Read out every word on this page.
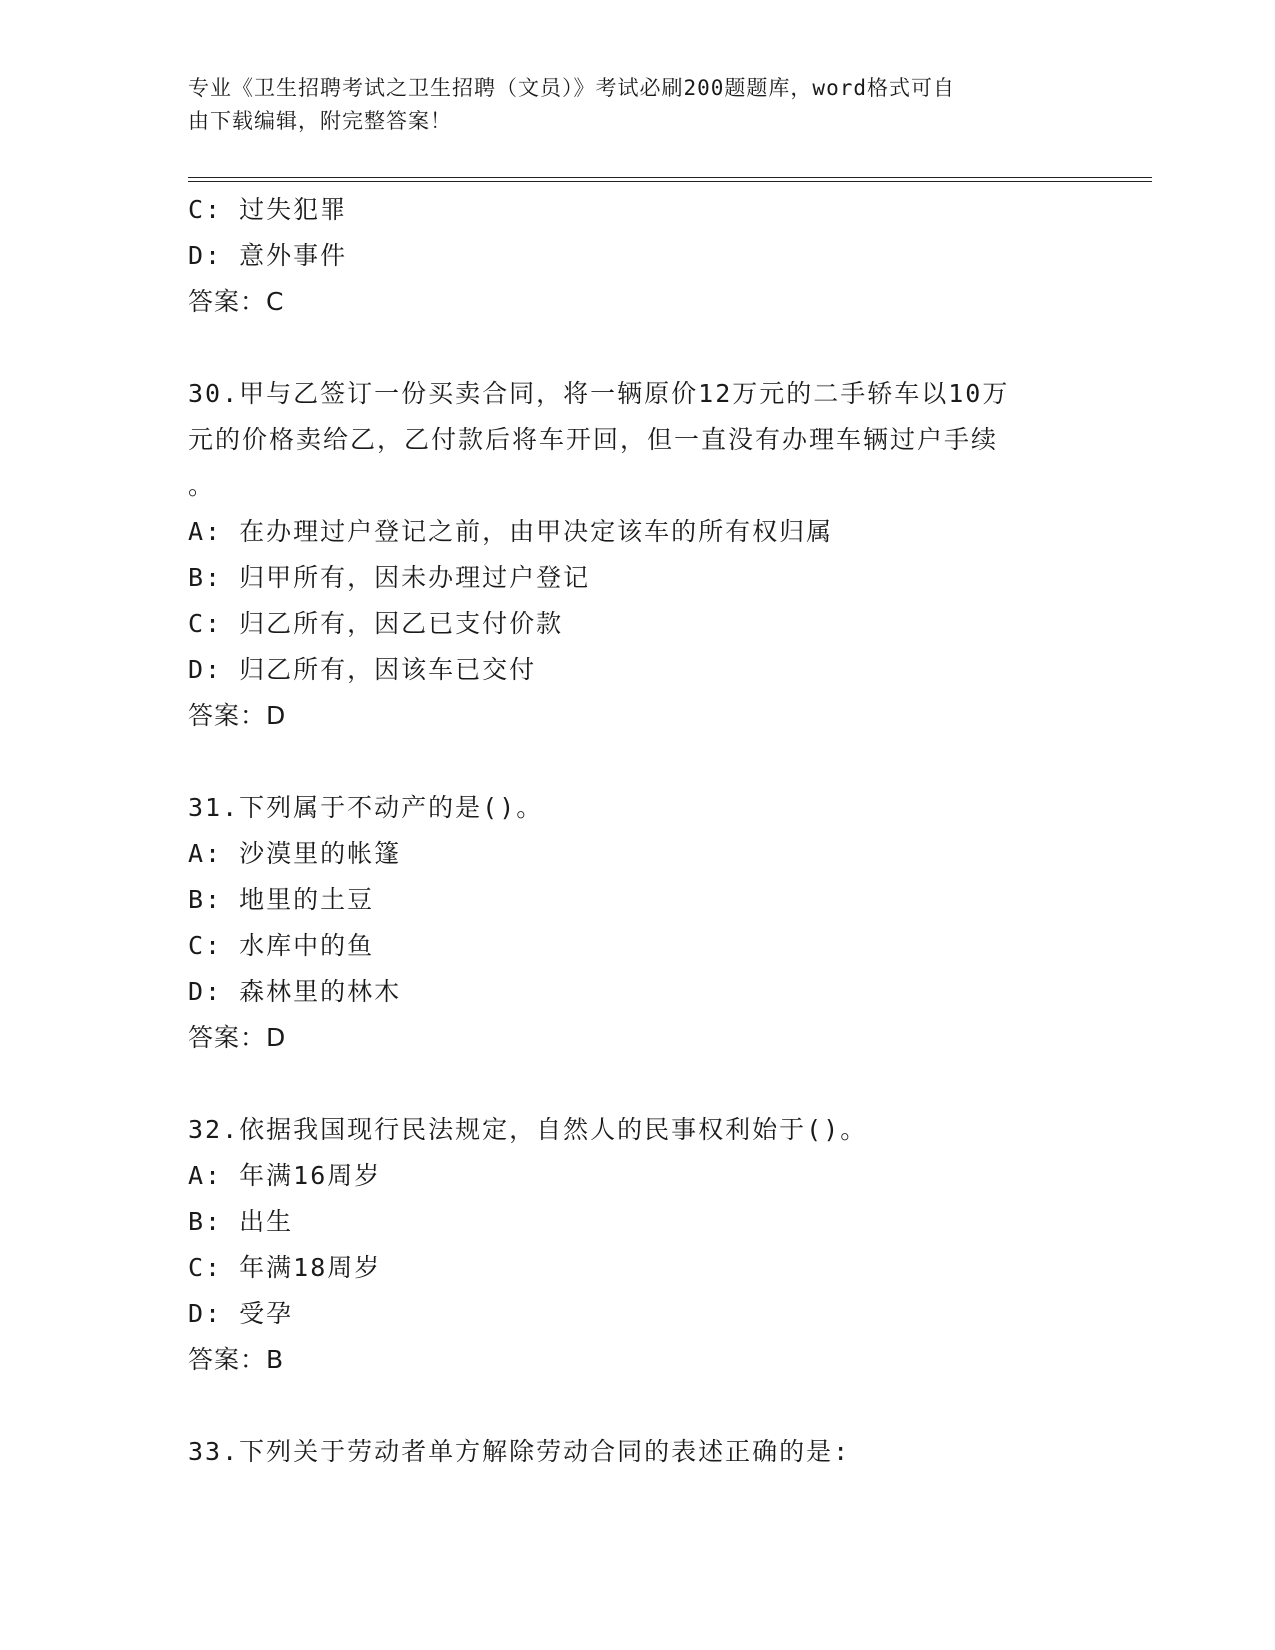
专业《卫生招聘考试之卫生招聘（文员）》考试必刷200题题库，word格式可自
由下载编辑，附完整答案！
C: 过失犯罪
D: 意外事件
答案：C
30.甲与乙签订一份买卖合同，将一辆原价12万元的二手轿车以10万
元的价格卖给乙，乙付款后将车开回，但一直没有办理车辆过户手续
。
A: 在办理过户登记之前，由甲决定该车的所有权归属
B: 归甲所有，因未办理过户登记
C: 归乙所有，因乙已支付价款
D: 归乙所有，因该车已交付
答案：D
31.下列属于不动产的是()。
A: 沙漠里的帐篷
B: 地里的土豆
C: 水库中的鱼
D: 森林里的林木
答案：D
32.依据我国现行民法规定，自然人的民事权利始于()。
A: 年满16周岁
B: 出生
C: 年满18周岁
D: 受孕
答案：B
33.下列关于劳动者单方解除劳动合同的表述正确的是:
